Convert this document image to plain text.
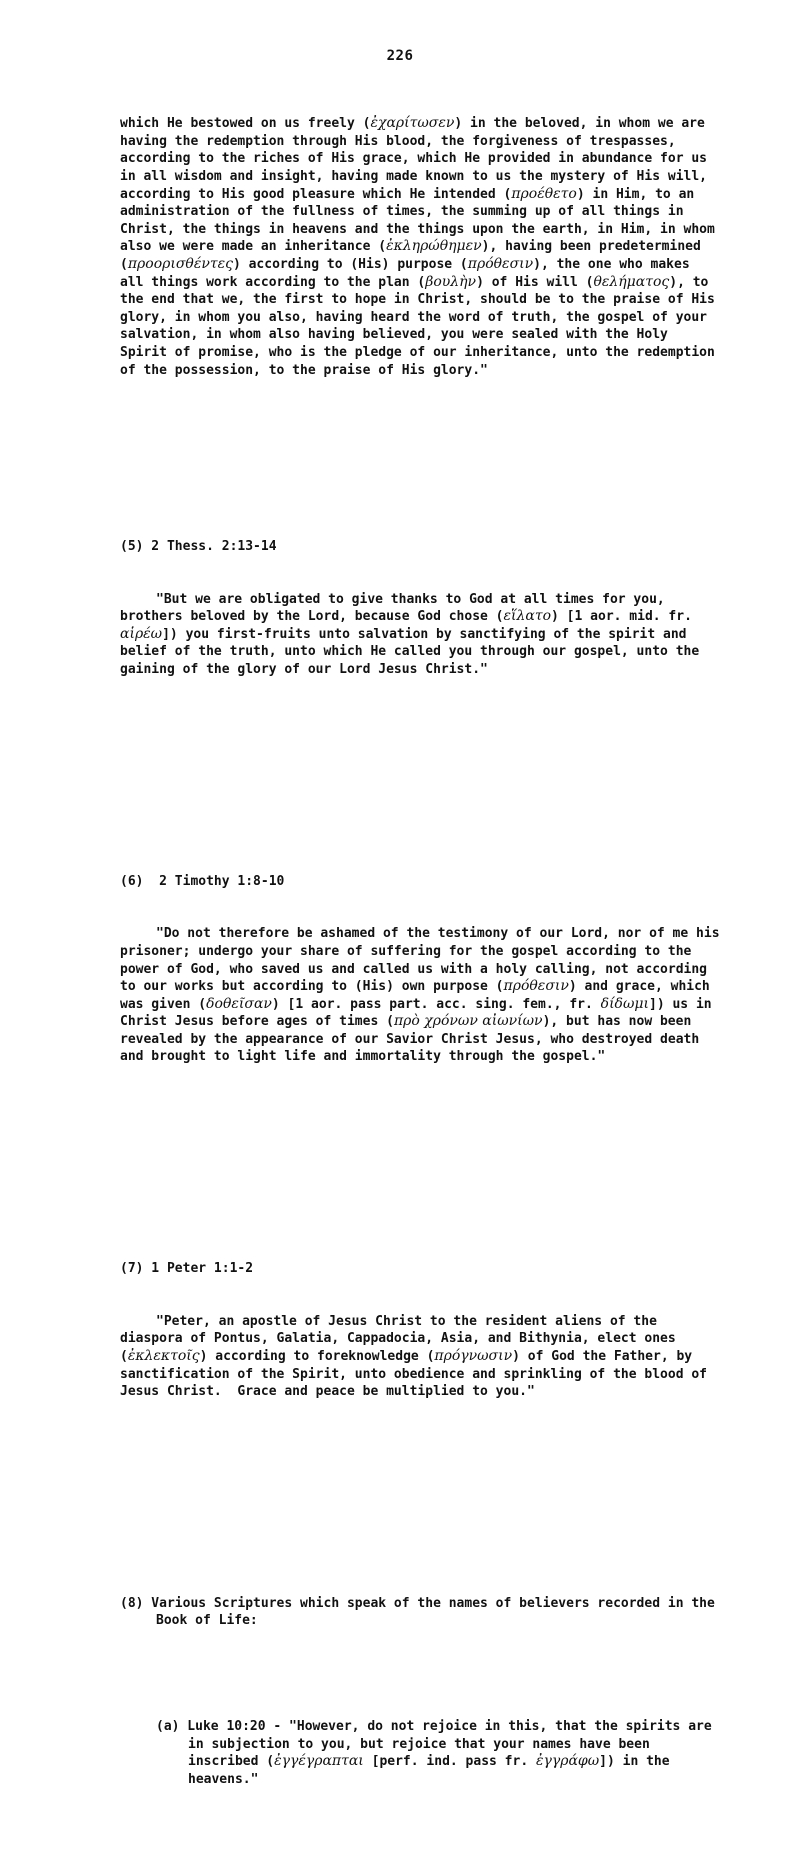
226

which He bestowed on us freely (ἐχαρίτωσεν) in the beloved, in whom we are having the redemption through His blood, the forgiveness of trespasses, according to the riches of His grace, which He provided in abundance for us in all wisdom and insight, having made known to us the mystery of His will, according to His good pleasure which He intended (προέθετο) in Him, to an administration of the fullness of times, the summing up of all things in Christ, the things in heavens and the things upon the earth, in Him, in whom also we were made an inheritance (ἐκληρώθημεν), having been predetermined (προορισθέντες) according to (His) purpose (πρόθεσιν), the one who makes all things work according to the plan (βουλὴν) of His will (θελήματος), to the end that we, the first to hope in Christ, should be to the praise of His glory, in whom you also, having heard the word of truth, the gospel of your salvation, in whom also having believed, you were sealed with the Holy Spirit of promise, who is the pledge of our inheritance, unto the redemption of the possession, to the praise of His glory."

(5) 2 Thess. 2:13-14

"But we are obligated to give thanks to God at all times for you, brothers beloved by the Lord, because God chose (εἵλατο) [1 aor. mid. fr. αἱρέω]) you first-fruits unto salvation by sanctifying of the spirit and belief of the truth, unto which He called you through our gospel, unto the gaining of the glory of our Lord Jesus Christ."

(6)  2 Timothy 1:8-10

"Do not therefore be ashamed of the testimony of our Lord, nor of me his prisoner; undergo your share of suffering for the gospel according to the power of God, who saved us and called us with a holy calling, not according to our works but according to (His) own purpose (πρόθεσιν) and grace, which was given (δοθεῖσαν) [1 aor. pass part. acc. sing. fem., fr. δίδωμι]) us in Christ Jesus before ages of times (πρὸ χρόνων αἰωνίων), but has now been revealed by the appearance of our Savior Christ Jesus, who destroyed death and brought to light life and immortality through the gospel."

(7) 1 Peter 1:1-2

"Peter, an apostle of Jesus Christ to the resident aliens of the diaspora of Pontus, Galatia, Cappadocia, Asia, and Bithynia, elect ones (ἐκλεκτοῖς) according to foreknowledge (πρόγνωσιν) of God the Father, by sanctification of the Spirit, unto obedience and sprinkling of the blood of Jesus Christ.  Grace and peace be multiplied to you."

(8) Various Scriptures which speak of the names of believers recorded in the Book of Life:

(a) Luke 10:20 - "However, do not rejoice in this, that the spirits are in subjection to you, but rejoice that your names have been inscribed (ἐγγέγραπται [perf. ind. pass fr. ἐγγράφω]) in the heavens."
